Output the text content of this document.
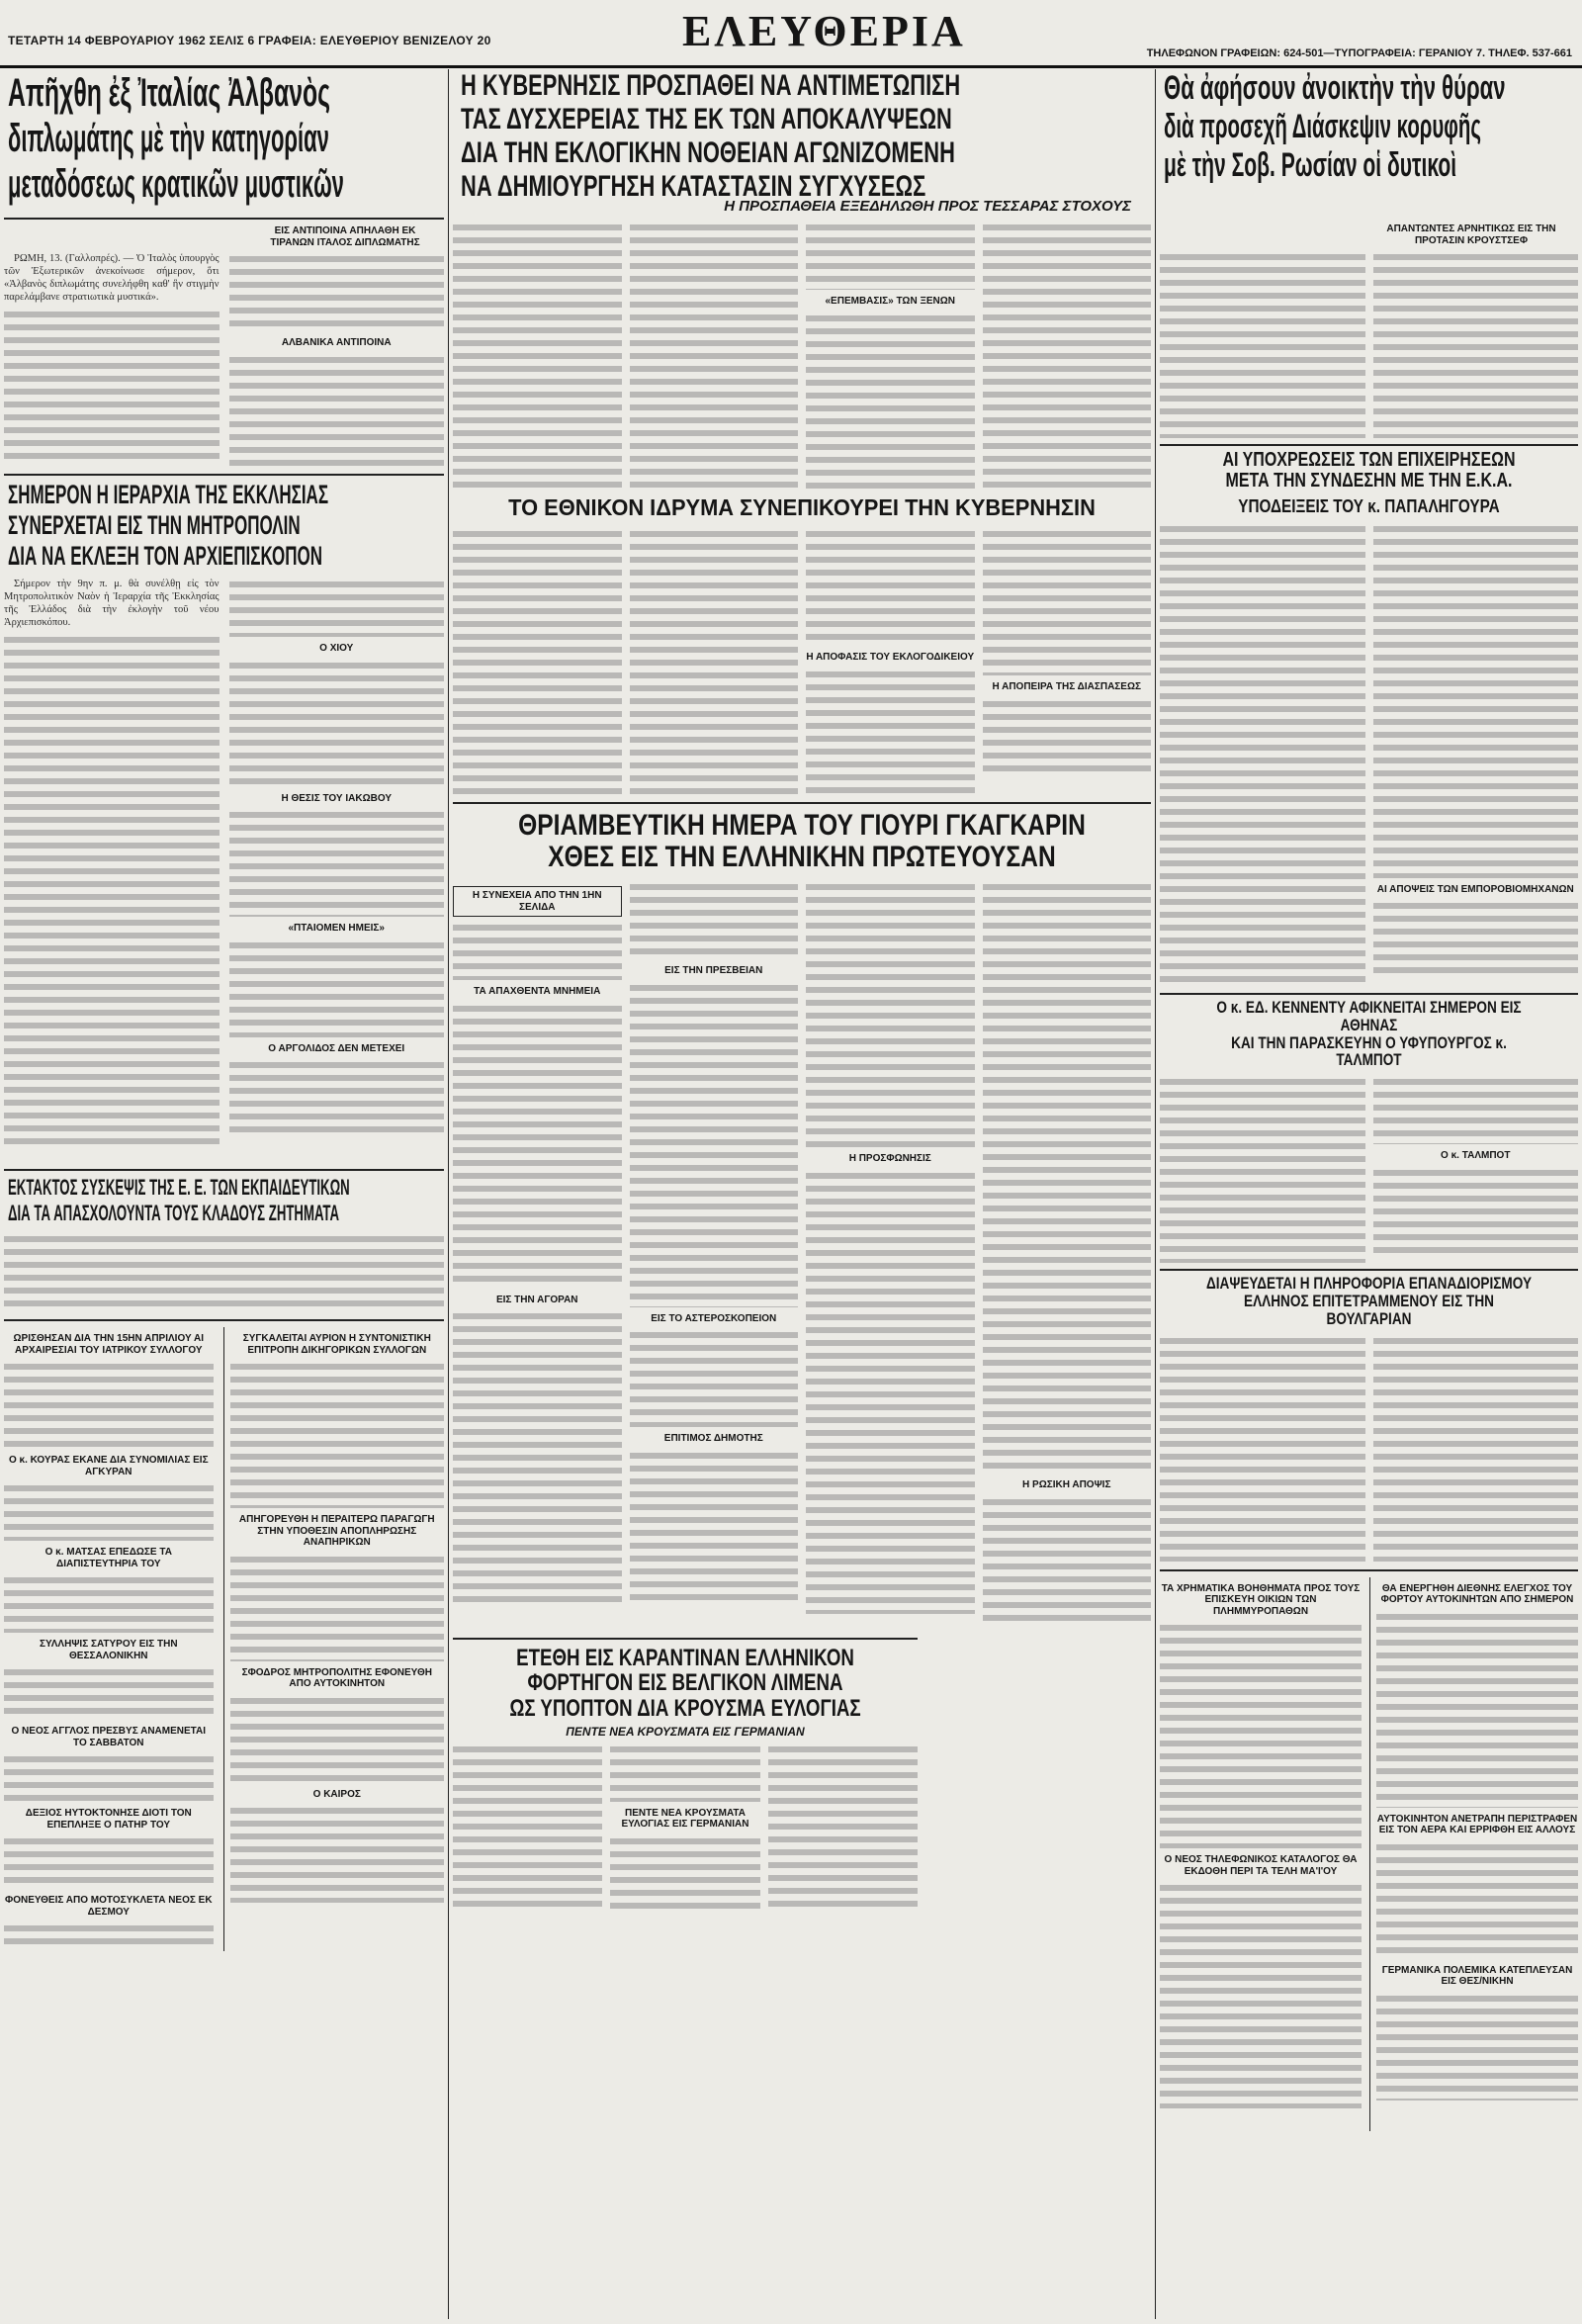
ΤΕΤΑΡΤΗ 14 ΦΕΒΡΟΥΑΡΙΟΥ 1962 ΣΕΛΙΣ 6 ΓΡΑΦΕΙΑ: ΕΛΕΥΘΕΡΙΟΥ ΒΕΝΙΖΕΛΟΥ 20	ΕΛΕΥΘΕΡΙΑ	ΤΗΛΕΦΩΝΟΝ ΓΡΑΦΕΙΩΝ: 624-501—ΤΥΠΟΓΡΑΦΕΙΑ: ΓΕΡΑΝΙΟΥ 7. ΤΗΛΕΦ. 537-661
Απῆχθη ἐξ Ἰταλίας Ἀλβανὸς
διπλωμάτης μὲ τὴν κατηγορίαν
μεταδόσεως κρατικῶν μυστικῶν
ΕΙΣ ΑΝΤΙΠΟΙΝΑ ΑΠΗΛΑΘΗ ΕΚ ΤΙΡΑΝΩΝ ΙΤΑΛΟΣ ΔΙΠΛΩΜΑΤΗΣ

ΡΩΜΗ, 13. (Γαλλοπρές). — Ὁ Ἰταλὸς ὑπουργὸς τῶν Ἐξωτερικῶν ἀνεκοίνωσε σήμερον, ὅτι «Ἀλβανὸς διπλωμάτης συνελήφθη καθ' ἣν στιγμὴν παρελάμβανε στρατιωτικὰ μυστικά».

ΑΛΒΑΝΙΚΑ ΑΝΤΙΠΟΙΝΑ
ΣΗΜΕΡΟΝ Η ΙΕΡΑΡΧΙΑ ΤΗΣ ΕΚΚΛΗΣΙΑΣ
ΣΥΝΕΡΧΕΤΑΙ ΕΙΣ ΤΗΝ ΜΗΤΡΟΠΟΛΙΝ
ΔΙΑ ΝΑ ΕΚΛΕΞΗ ΤΟΝ ΑΡΧΙΕΠΙΣΚΟΠΟΝ

Σήμερον τὴν 9ην π. μ. θὰ συνέλθῃ εἰς τὸν Μητροπολιτικὸν Ναὸν ἡ Ἱεραρχία τῆς Ἐκκλησίας τῆς Ἑλλάδος διὰ τὴν ἐκλογὴν τοῦ νέου Ἀρχιεπισκόπου.

Ο ΧΙΟΥ
Η ΘΕΣΙΣ ΤΟΥ ΙΑΚΩΒΟΥ
«ΠΤΑΙΟΜΕΝ ΗΜΕΙΣ»
Ο ΑΡΓΟΛΙΔΟΣ ΔΕΝ ΜΕΤΕΧΕΙ
ΕΚΤΑΚΤΟΣ ΣΥΣΚΕΨΙΣ ΤΗΣ Ε. Ε. ΤΩΝ ΕΚΠΑΙΔΕΥΤΙΚΩΝ
ΔΙΑ ΤΑ ΑΠΑΣΧΟΛΟΥΝΤΑ ΤΟΥΣ ΚΛΑΔΟΥΣ ΖΗΤΗΜΑΤΑ
ΩΡΙΣΘΗΣΑΝ ΔΙΑ ΤΗΝ 15ΗΝ ΑΠΡΙΛΙΟΥ ΑΙ ΑΡΧΑΙΡΕΣΙΑΙ ΤΟΥ ΙΑΤΡΙΚΟΥ ΣΥΛΛΟΓΟΥ
Ο κ. ΚΟΥΡΑΣ ΕΚΑΝΕ ΔΙΑ ΣΥΝΟΜΙΛΙΑΣ ΕΙΣ ΑΓΚΥΡΑΝ
Ο κ. ΜΑΤΣΑΣ ΕΠΕΔΩΣΕ ΤΑ ΔΙΑΠΙΣΤΕΥΤΗΡΙΑ ΤΟΥ
ΣΥΛΛΗΨΙΣ ΣΑΤΥΡΟΥ ΕΙΣ ΤΗΝ ΘΕΣΣΑΛΟΝΙΚΗΝ
Ο ΝΕΟΣ ΑΓΓΛΟΣ ΠΡΕΣΒΥΣ ΑΝΑΜΕΝΕΤΑΙ ΤΟ ΣΑΒΒΑΤΟΝ
ΔΕΞΙΟΣ ΗΥΤΟΚΤΟΝΗΣΕ ΔΙΟΤΙ ΤΟΝ ΕΠΕΠΛΗΞΕ Ο ΠΑΤΗΡ ΤΟΥ
ΦΟΝΕΥΘΕΙΣ ΑΠΟ ΜΟΤΟΣΥΚΛΕΤΑ ΝΕΟΣ ΕΚ ΔΕΣΜΟΥ
ΣΥΓΚΑΛΕΙΤΑΙ ΑΥΡΙΟΝ Η ΣΥΝΤΟΝΙΣΤΙΚΗ ΕΠΙΤΡΟΠΗ ΔΙΚΗΓΟΡΙΚΩΝ ΣΥΛΛΟΓΩΝ
ΑΠΗΓΟΡΕΥΘΗ Η ΠΕΡΑΙΤΕΡΩ ΠΑΡΑΓΩΓΗ ΣΤΗΝ ΥΠΟΘΕΣΙΝ ΑΠΟΠΛΗΡΩΣΗΣ ΑΝΑΠΗΡΙΚΩΝ
ΣΦΟΔΡΟΣ ΜΗΤΡΟΠΟΛΙΤΗΣ ΕΦΟΝΕΥΘΗ ΑΠΟ ΑΥΤΟΚΙΝΗΤΟΝ
Ο ΚΑΙΡΟΣ
Η ΚΥΒΕΡΝΗΣΙΣ ΠΡΟΣΠΑΘΕΙ ΝΑ ΑΝΤΙΜΕΤΩΠΙΣΗ
ΤΑΣ ΔΥΣΧΕΡΕΙΑΣ ΤΗΣ ΕΚ ΤΩΝ ΑΠΟΚΑΛΥΨΕΩΝ
ΔΙΑ ΤΗΝ ΕΚΛΟΓΙΚΗΝ ΝΟΘΕΙΑΝ ΑΓΩΝΙΖΟΜΕΝΗ
ΝΑ ΔΗΜΙΟΥΡΓΗΣΗ ΚΑΤΑΣΤΑΣΙΝ ΣΥΓΧΥΣΕΩΣ
Η ΠΡΟΣΠΑΘΕΙΑ ΕΞΕΔΗΛΩΘΗ ΠΡΟΣ ΤΕΣΣΑΡΑΣ ΣΤΟΧΟΥΣ
«ΕΠΕΜΒΑΣΙΣ» ΤΩΝ ΞΕΝΩΝ
ΤΟ ΕΘΝΙΚΟΝ ΙΔΡΥΜΑ ΣΥΝΕΠΙΚΟΥΡΕΙ ΤΗΝ ΚΥΒΕΡΝΗΣΙΝ
Η ΑΠΟΦΑΣΙΣ ΤΟΥ ΕΚΛΟΓΟΔΙΚΕΙΟΥ
Η ΑΠΟΠΕΙΡΑ ΤΗΣ ΔΙΑΣΠΑΣΕΩΣ
ΘΡΙΑΜΒΕΥΤΙΚΗ ΗΜΕΡΑ ΤΟΥ ΓΙΟΥΡΙ ΓΚΑΓΚΑΡΙΝ
ΧΘΕΣ ΕΙΣ ΤΗΝ ΕΛΛΗΝΙΚΗΝ ΠΡΩΤΕΥΟΥΣΑΝ
Η ΣΥΝΕΧΕΙΑ ΑΠΟ ΤΗΝ 1ΗΝ ΣΕΛΙΔΑ
ΤΑ ΑΠΑΧΘΕΝΤΑ ΜΝΗΜΕΙΑ
ΕΙΣ ΤΗΝ ΑΓΟΡΑΝ
ΕΙΣ ΤΗΝ ΠΡΕΣΒΕΙΑΝ
ΕΙΣ ΤΟ ΑΣΤΕΡΟΣΚΟΠΕΙΟΝ
ΕΠΙΤΙΜΟΣ ΔΗΜΟΤΗΣ
Η ΠΡΟΣΦΩΝΗΣΙΣ
Η ΡΩΣΙΚΗ ΑΠΟΨΙΣ
ΕΤΕΘΗ ΕΙΣ ΚΑΡΑΝΤΙΝΑΝ ΕΛΛΗΝΙΚΟΝ
ΦΟΡΤΗΓΟΝ ΕΙΣ ΒΕΛΓΙΚΟΝ ΛΙΜΕΝΑ
ΩΣ ΥΠΟΠΤΟΝ ΔΙΑ ΚΡΟΥΣΜΑ ΕΥΛΟΓΙΑΣ
ΠΕΝΤΕ ΝΕΑ ΚΡΟΥΣΜΑΤΑ ΕΙΣ ΓΕΡΜΑΝΙΑΝ
ΠΕΝΤΕ ΝΕΑ ΚΡΟΥΣΜΑΤΑ ΕΥΛΟΓΙΑΣ ΕΙΣ ΓΕΡΜΑΝΙΑΝ
Θὰ ἀφήσουν ἀνοικτὴν τὴν θύραν
διὰ προσεχῆ Διάσκεψιν κορυφῆς
μὲ τὴν Σοβ. Ρωσίαν οἱ δυτικοὶ
ΑΠΑΝΤΩΝΤΕΣ ΑΡΝΗΤΙΚΩΣ ΕΙΣ ΤΗΝ ΠΡΟΤΑΣΙΝ ΚΡΟΥΣΤΣΕΦ
ΑΙ ΥΠΟΧΡΕΩΣΕΙΣ ΤΩΝ ΕΠΙΧΕΙΡΗΣΕΩΝ
ΜΕΤΑ ΤΗΝ ΣΥΝΔΕΣΗΝ ΜΕ ΤΗΝ Ε.Κ.Α.
ΥΠΟΔΕΙΞΕΙΣ ΤΟΥ κ. ΠΑΠΑΛΗΓΟΥΡΑ
ΑΙ ΑΠΟΨΕΙΣ ΤΩΝ ΕΜΠΟΡΟΒΙΟΜΗΧΑΝΩΝ
Ο κ. ΕΔ. ΚΕΝΝΕΝΤΥ ΑΦΙΚΝΕΙΤΑΙ ΣΗΜΕΡΟΝ ΕΙΣ ΑΘΗΝΑΣ
ΚΑΙ ΤΗΝ ΠΑΡΑΣΚΕΥΗΝ Ο ΥΦΥΠΟΥΡΓΟΣ κ. ΤΑΛΜΠΟΤ
Ο κ. ΤΑΛΜΠΟΤ
ΔΙΑΨΕΥΔΕΤΑΙ Η ΠΛΗΡΟΦΟΡΙΑ ΕΠΑΝΑΔΙΟΡΙΣΜΟΥ
ΕΛΛΗΝΟΣ ΕΠΙΤΕΤΡΑΜΜΕΝΟΥ ΕΙΣ ΤΗΝ ΒΟΥΛΓΑΡΙΑΝ
ΤΑ ΧΡΗΜΑΤΙΚΑ ΒΟΗΘΗΜΑΤΑ ΠΡΟΣ ΤΟΥΣ ΕΠΙΣΚΕΥΗ ΟΙΚΙΩΝ ΤΩΝ ΠΛΗΜΜΥΡΟΠΑΘΩΝ
Ο ΝΕΟΣ ΤΗΛΕΦΩΝΙΚΟΣ ΚΑΤΑΛΟΓΟΣ ΘΑ ΕΚΔΟΘΗ ΠΕΡΙ ΤΑ ΤΕΛΗ ΜΑ'Ι'ΟΥ
ΘΑ ΕΝΕΡΓΗΘΗ ΔΙΕΘΝΗΣ ΕΛΕΓΧΟΣ ΤΟΥ ΦΟΡΤΟΥ ΑΥΤΟΚΙΝΗΤΩΝ ΑΠΟ ΣΗΜΕΡΟΝ
ΑΥΤΟΚΙΝΗΤΟΝ ΑΝΕΤΡΑΠΗ ΠΕΡΙΣΤΡΑΦΕΝ ΕΙΣ ΤΟΝ ΑΕΡΑ ΚΑΙ ΕΡΡΙΦΘΗ ΕΙΣ ΑΛΛΟΥΣ
ΓΕΡΜΑΝΙΚΑ ΠΟΛΕΜΙΚΑ ΚΑΤΕΠΛΕΥΣΑΝ ΕΙΣ ΘΕΣ/ΝΙΚΗΝ
